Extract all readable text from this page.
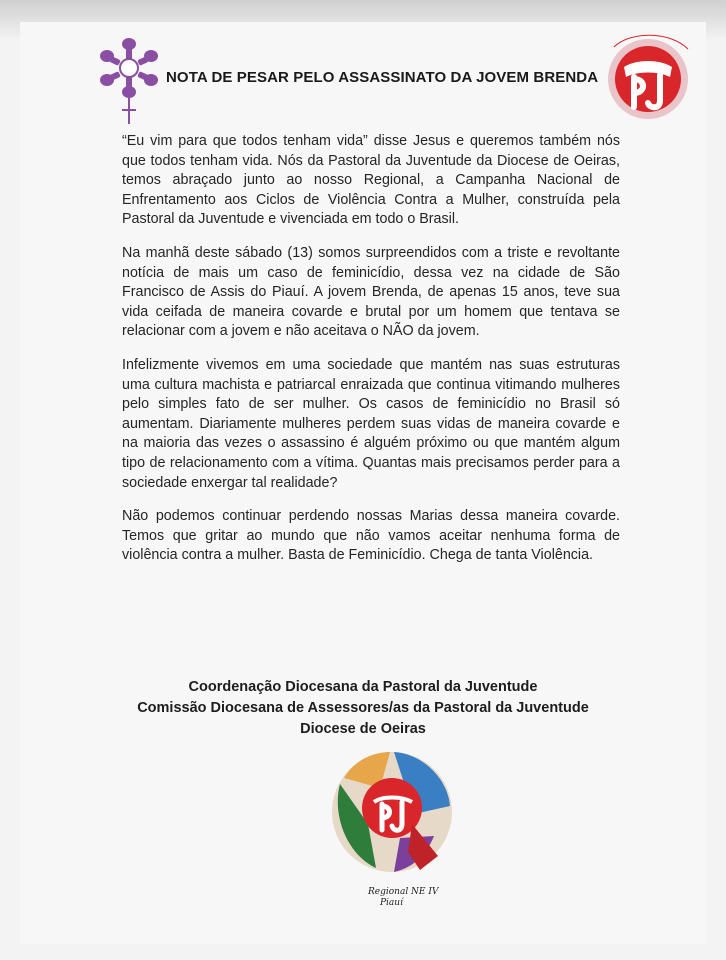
NOTA DE PESAR PELO ASSASSINATO DA JOVEM BRENDA

“Eu vim para que todos tenham vida” disse Jesus e queremos também nós que todos tenham vida. Nós da Pastoral da Juventude da Diocese de Oeiras, temos abraçado junto ao nosso Regional, a Campanha Nacional de Enfrentamento aos Ciclos de Violência Contra a Mulher, construída pela Pastoral da Juventude e vivenciada em todo o Brasil.

Na manhã deste sábado (13) somos surpreendidos com a triste e revoltante notícia de mais um caso de feminicídio, dessa vez na cidade de São Francisco de Assis do Piauí. A jovem Brenda, de apenas 15 anos, teve sua vida ceifada de maneira covarde e brutal por um homem que tentava se relacionar com a jovem e não aceitava o NÃO da jovem.

Infelizmente vivemos em uma sociedade que mantém nas suas estruturas uma cultura machista e patriarcal enraizada que continua vitimando mulheres pelo simples fato de ser mulher. Os casos de feminicídio no Brasil só aumentam. Diariamente mulheres perdem suas vidas de maneira covarde e na maioria das vezes o assassino é alguém próximo ou que mantém algum tipo de relacionamento com a vítima. Quantas mais precisamos perder para a sociedade enxergar tal realidade?

Não podemos continuar perdendo nossas Marias dessa maneira covarde. Temos que gritar ao mundo que não vamos aceitar nenhuma forma de violência contra a mulher. Basta de Feminicídio. Chega de tanta Violência.

Coordenação Diocesana da Pastoral da Juventude
Comissão Diocesana de Assessores/as da Pastoral da Juventude
Diocese de Oeiras
Regional NE IV
Piauí
